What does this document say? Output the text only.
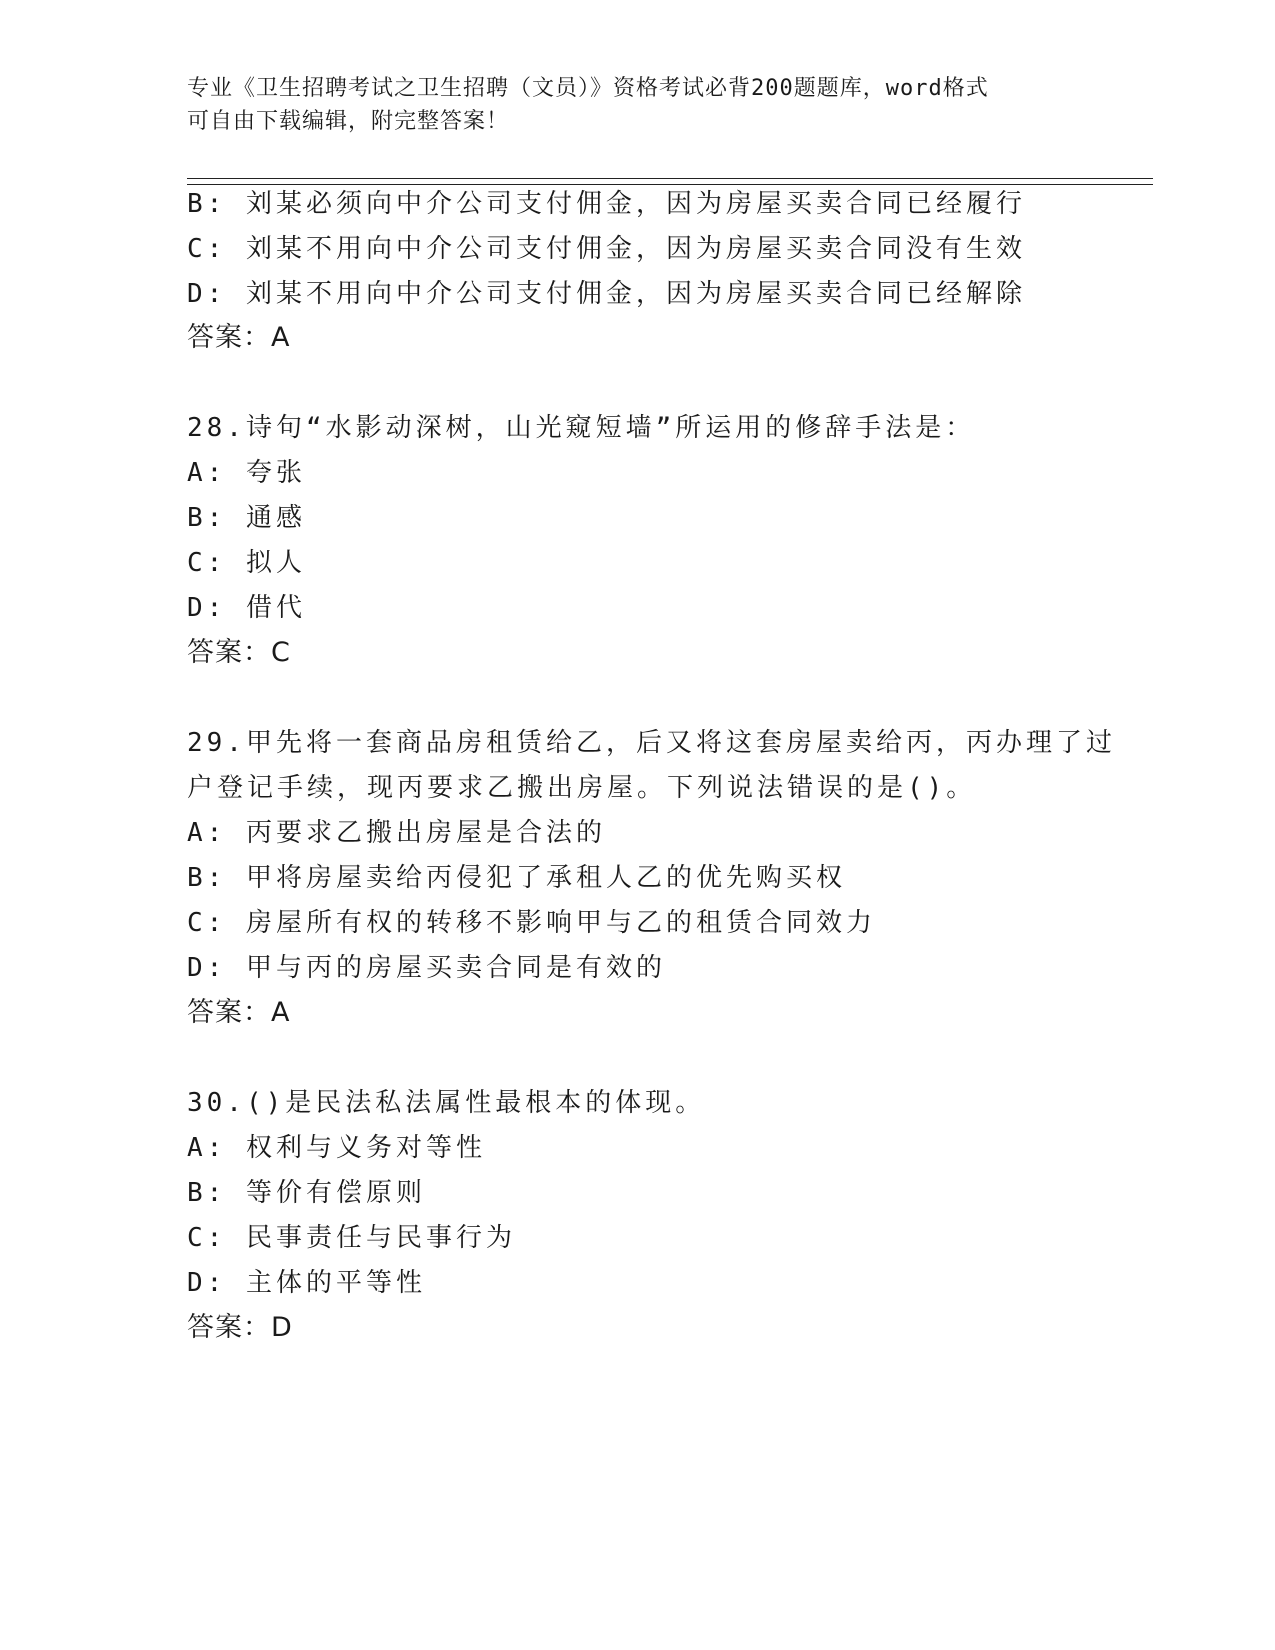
专业《卫生招聘考试之卫生招聘（文员）》资格考试必背200题题库，word格式
可自由下载编辑，附完整答案！
B: 刘某必须向中介公司支付佣金，因为房屋买卖合同已经履行
C: 刘某不用向中介公司支付佣金，因为房屋买卖合同没有生效
D: 刘某不用向中介公司支付佣金，因为房屋买卖合同已经解除
答案：A
28.诗句“水影动深树，山光窥短墙”所运用的修辞手法是：
A: 夸张
B: 通感
C: 拟人
D: 借代
答案：C
29.甲先将一套商品房租赁给乙，后又将这套房屋卖给丙，丙办理了过
户登记手续，现丙要求乙搬出房屋。下列说法错误的是()。
A: 丙要求乙搬出房屋是合法的
B: 甲将房屋卖给丙侵犯了承租人乙的优先购买权
C: 房屋所有权的转移不影响甲与乙的租赁合同效力
D: 甲与丙的房屋买卖合同是有效的
答案：A
30.()是民法私法属性最根本的体现。
A: 权利与义务对等性
B: 等价有偿原则
C: 民事责任与民事行为
D: 主体的平等性
答案：D
